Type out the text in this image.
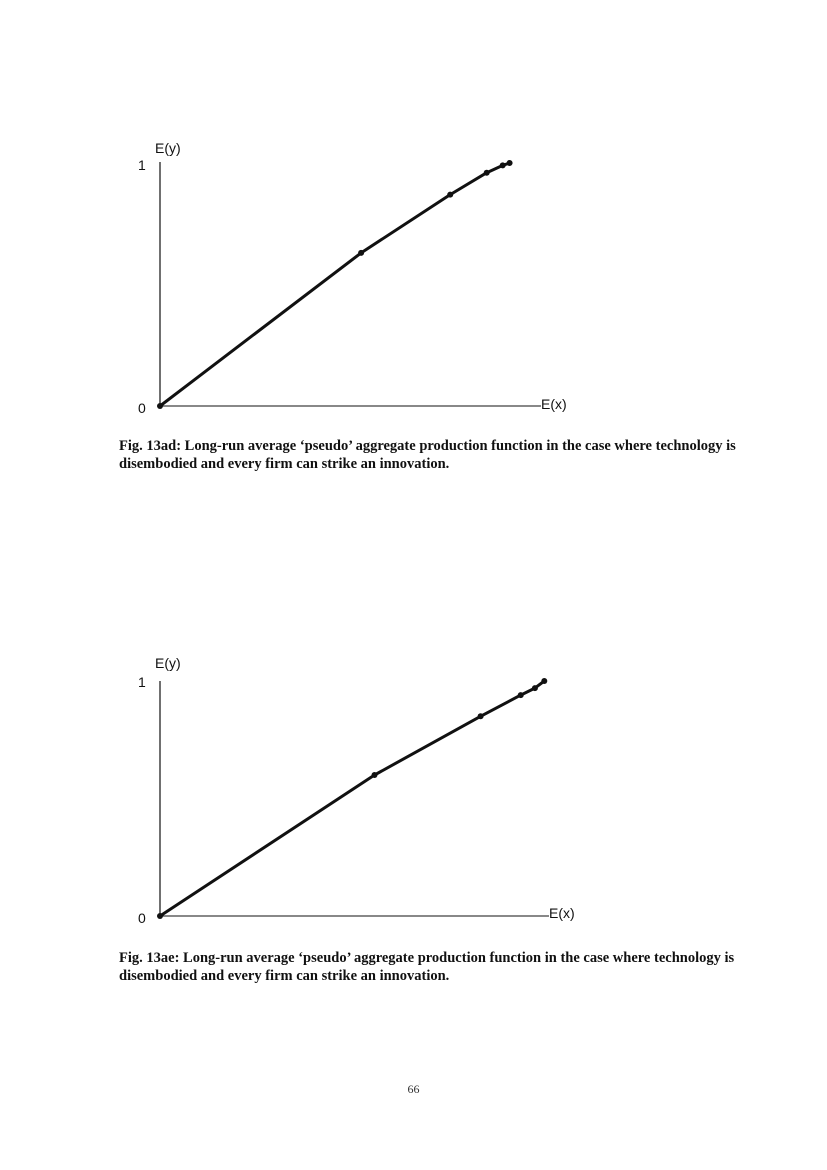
E(y)
1
0	E(x)
Fig. 13ad: Long-run average ‘pseudo’ aggregate production function in the case where technology is disembodied and every firm can strike an innovation.
E(y)
1
0	E(x)
Fig. 13ae: Long-run average ‘pseudo’ aggregate production function in the case where technology is disembodied and every firm can strike an innovation.
66
